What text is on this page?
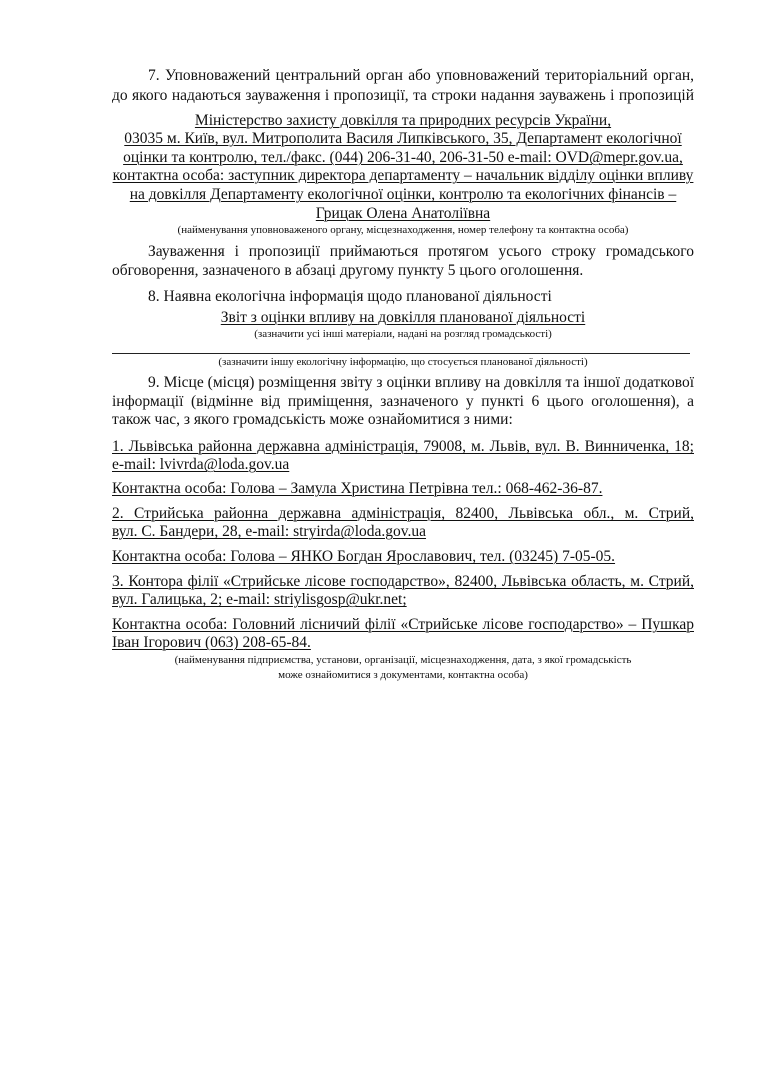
7. Уповноважений центральний орган або уповноважений територіальний орган,
до якого надаються зауваження і пропозиції, та строки надання зауважень і пропозицій
Міністерство захисту довкілля та природних ресурсів України,
03035 м. Київ, вул. Митрополита Василя Липківського, 35, Департамент екологічної
оцінки та контролю, тел./факс. (044) 206-31-40, 206-31-50 e-mail: OVD@mepr.gov.ua,
контактна особа: заступник директора департаменту – начальник відділу оцінки впливу
на довкілля Департаменту екологічної оцінки, контролю та екологічних фінансів –
Грицак Олена Анатоліївна
(найменування уповноваженого органу, місцезнаходження, номер телефону та контактна особа)
Зауваження і пропозиції приймаються протягом усього строку громадського
обговорення, зазначеного в абзаці другому пункту 5 цього оголошення.
8. Наявна екологічна інформація щодо планованої діяльності
Звіт з оцінки впливу на довкілля планованої діяльності
(зазначити усі інші матеріали, надані на розгляд громадськості)
(зазначити іншу екологічну інформацію, що стосується планованої діяльності)
9. Місце (місця) розміщення звіту з оцінки впливу на довкілля та іншої додаткової
інформації (відмінне від приміщення, зазначеного у пункті 6 цього оголошення), а
також час, з якого громадськість може ознайомитися з ними:
1. Львівська районна державна адміністрація, 79008, м. Львів, вул. В. Винниченка, 18;
e-mail: lvivrda@loda.gov.ua
Контактна особа: Голова – Замула Христина Петрівна тел.: 068-462-36-87.
2. Стрийська районна державна адміністрація, 82400, Львівська обл., м. Стрий,
вул. С. Бандери, 28, e-mail: stryirda@loda.gov.ua
Контактна особа: Голова – ЯНКО Богдан Ярославович, тел. (03245) 7-05-05.
3. Контора філії «Стрийське лісове господарство», 82400, Львівська область, м. Стрий,
вул. Галицька, 2; e-mail: striylisgosp@ukr.net;
Контактна особа: Головний лісничий філії «Стрийське лісове господарство» – Пушкар
Іван Ігорович (063) 208-65-84.
(найменування підприємства, установи, організації, місцезнаходження, дата, з якої громадськість
може ознайомитися з документами, контактна особа)
